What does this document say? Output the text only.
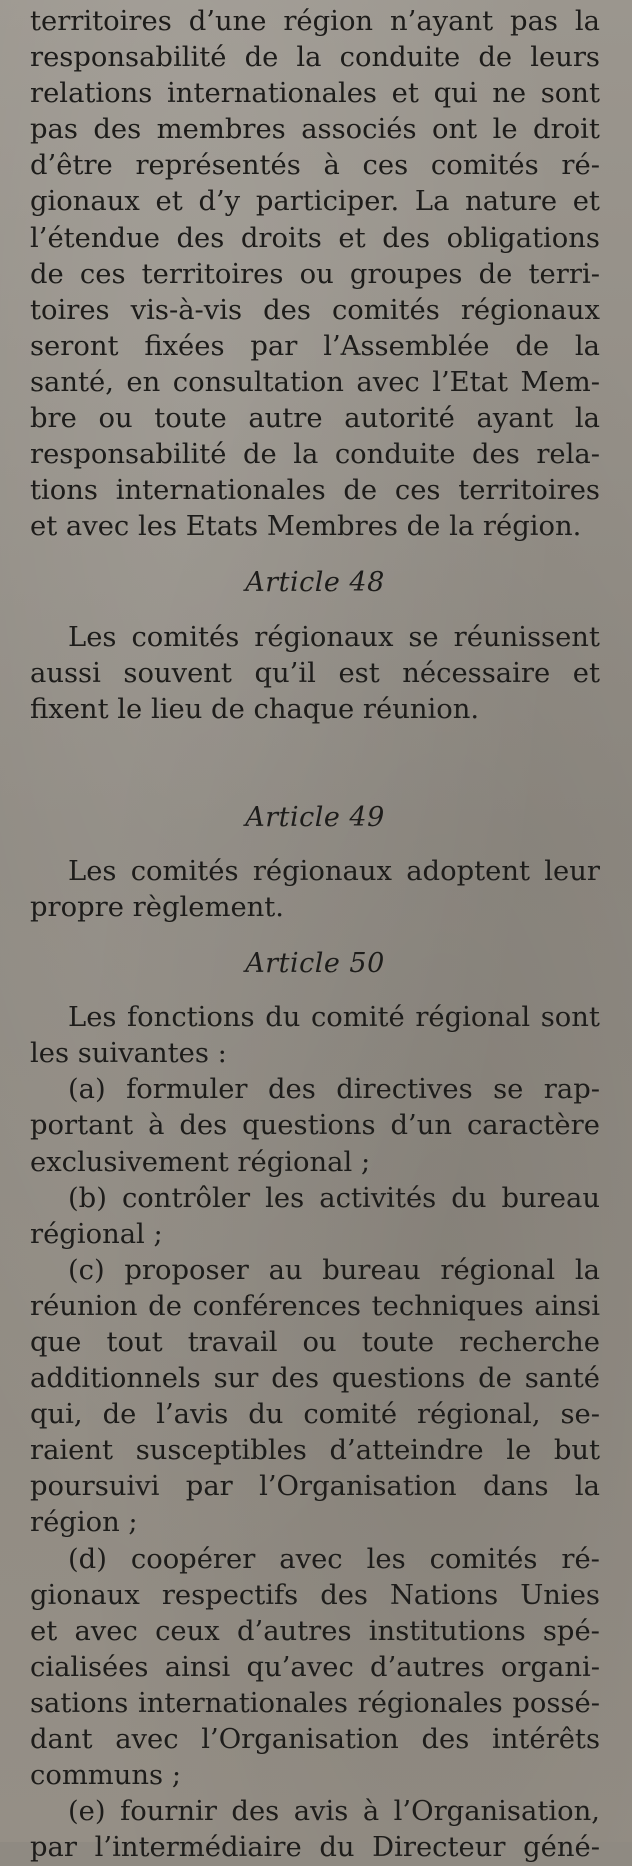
territoires d’une région n’ayant pas la
responsabilité de la conduite de leurs
relations internationales et qui ne sont
pas des membres associés ont le droit
d’être représentés à ces comités ré-
gionaux et d’y participer. La nature et
l’étendue des droits et des obligations
de ces territoires ou groupes de terri-
toires vis-à-vis des comités régionaux
seront fixées par l’Assemblée de la
santé, en consultation avec l’Etat Mem-
bre ou toute autre autorité ayant la
responsabilité de la conduite des rela-
tions internationales de ces territoires
et avec les Etats Membres de la région.
Article 48
Les comités régionaux se réunissent
aussi souvent qu’il est nécessaire et
fixent le lieu de chaque réunion.
Article 49
Les comités régionaux adoptent leur
propre règlement.
Article 50
Les fonctions du comité régional sont
les suivantes :
(a) formuler des directives se rap-
portant à des questions d’un caractère
exclusivement régional ;
(b) contrôler les activités du bureau
régional ;
(c) proposer au bureau régional la
réunion de conférences techniques ainsi
que tout travail ou toute recherche
additionnels sur des questions de santé
qui, de l’avis du comité régional, se-
raient susceptibles d’atteindre le but
poursuivi par l’Organisation dans la
région ;
(d) coopérer avec les comités ré-
gionaux respectifs des Nations Unies
et avec ceux d’autres institutions spé-
cialisées ainsi qu’avec d’autres organi-
sations internationales régionales possé-
dant avec l’Organisation des intérêts
communs ;
(e) fournir des avis à l’Organisation,
par l’intermédiaire du Directeur géné-
